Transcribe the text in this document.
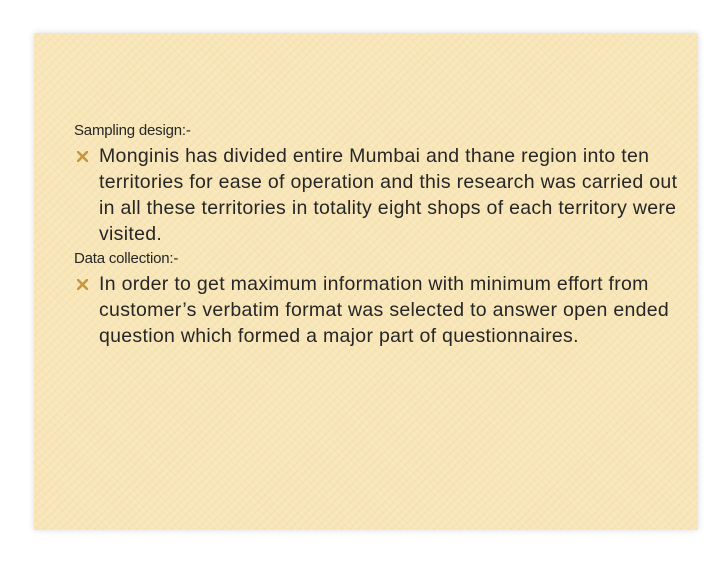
Sampling design:-

Monginis has divided entire Mumbai and thane region into ten territories for ease of operation and this research was carried out in all these territories in totality eight shops of each territory were visited.

Data collection:-

In order to get maximum information with minimum effort from customer’s verbatim format was selected to answer open ended question which formed a major part of questionnaires.
